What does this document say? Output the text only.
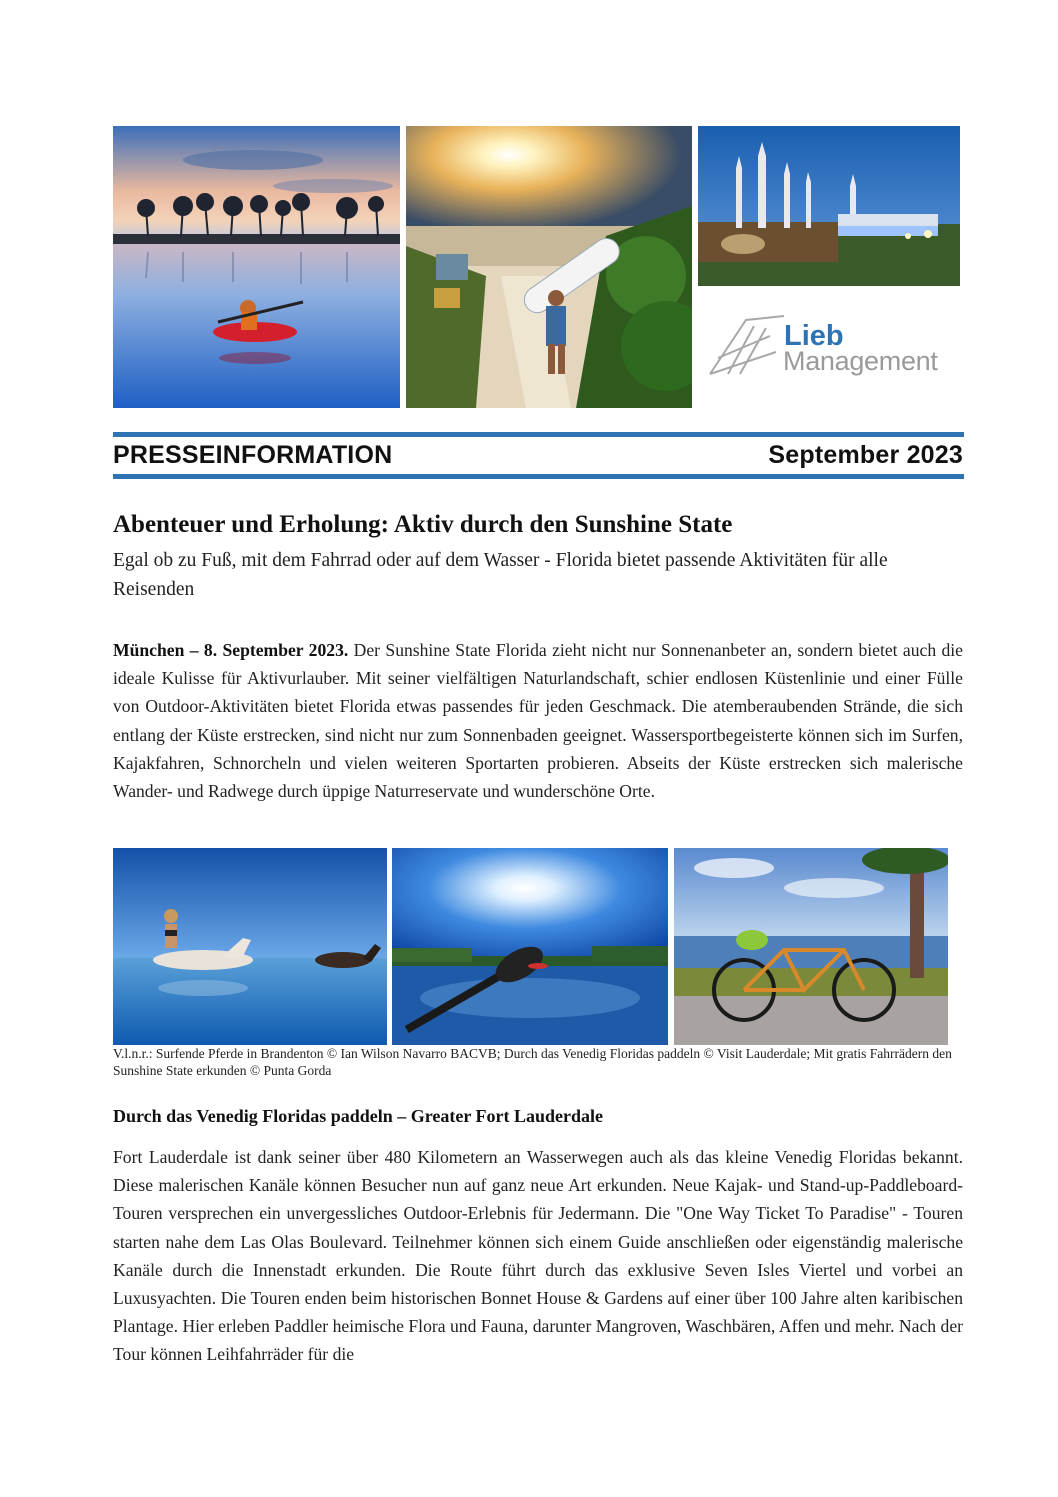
Lieb
Management
PRESSEINFORMATION	September 2023
Abenteuer und Erholung: Aktiv durch den Sunshine State
Egal ob zu Fuß, mit dem Fahrrad oder auf dem Wasser - Florida bietet passende Aktivitäten für alle Reisenden
München – 8. September 2023. Der Sunshine State Florida zieht nicht nur Sonnenanbeter an, sondern bietet auch die ideale Kulisse für Aktivurlauber. Mit seiner vielfältigen Naturlandschaft, schier endlosen Küstenlinie und einer Fülle von Outdoor-Aktivitäten bietet Florida etwas passendes für jeden Geschmack. Die atemberaubenden Strände, die sich entlang der Küste erstrecken, sind nicht nur zum Sonnenbaden geeignet. Wassersportbegeisterte können sich im Surfen, Kajakfahren, Schnorcheln und vielen weiteren Sportarten probieren. Abseits der Küste erstrecken sich malerische Wander- und Radwege durch üppige Naturreservate und wunderschöne Orte.
V.l.n.r.: Surfende Pferde in Brandenton © Ian Wilson Navarro BACVB; Durch das Venedig Floridas paddeln © Visit Lauderdale; Mit gratis Fahrrädern den Sunshine State erkunden © Punta Gorda
Durch das Venedig Floridas paddeln – Greater Fort Lauderdale
Fort Lauderdale ist dank seiner über 480 Kilometern an Wasserwegen auch als das kleine Venedig Floridas bekannt. Diese malerischen Kanäle können Besucher nun auf ganz neue Art erkunden. Neue Kajak- und Stand-up-Paddleboard-Touren versprechen ein unvergessliches Outdoor-Erlebnis für Jedermann. Die "One Way Ticket To Paradise" - Touren starten nahe dem Las Olas Boulevard. Teilnehmer können sich einem Guide anschließen oder eigenständig malerische Kanäle durch die Innenstadt erkunden. Die Route führt durch das exklusive Seven Isles Viertel und vorbei an Luxusyachten. Die Touren enden beim historischen Bonnet House & Gardens auf einer über 100 Jahre alten karibischen Plantage. Hier erleben Paddler heimische Flora und Fauna, darunter Mangroven, Waschbären, Affen und mehr. Nach der Tour können Leihfahrräder für die
